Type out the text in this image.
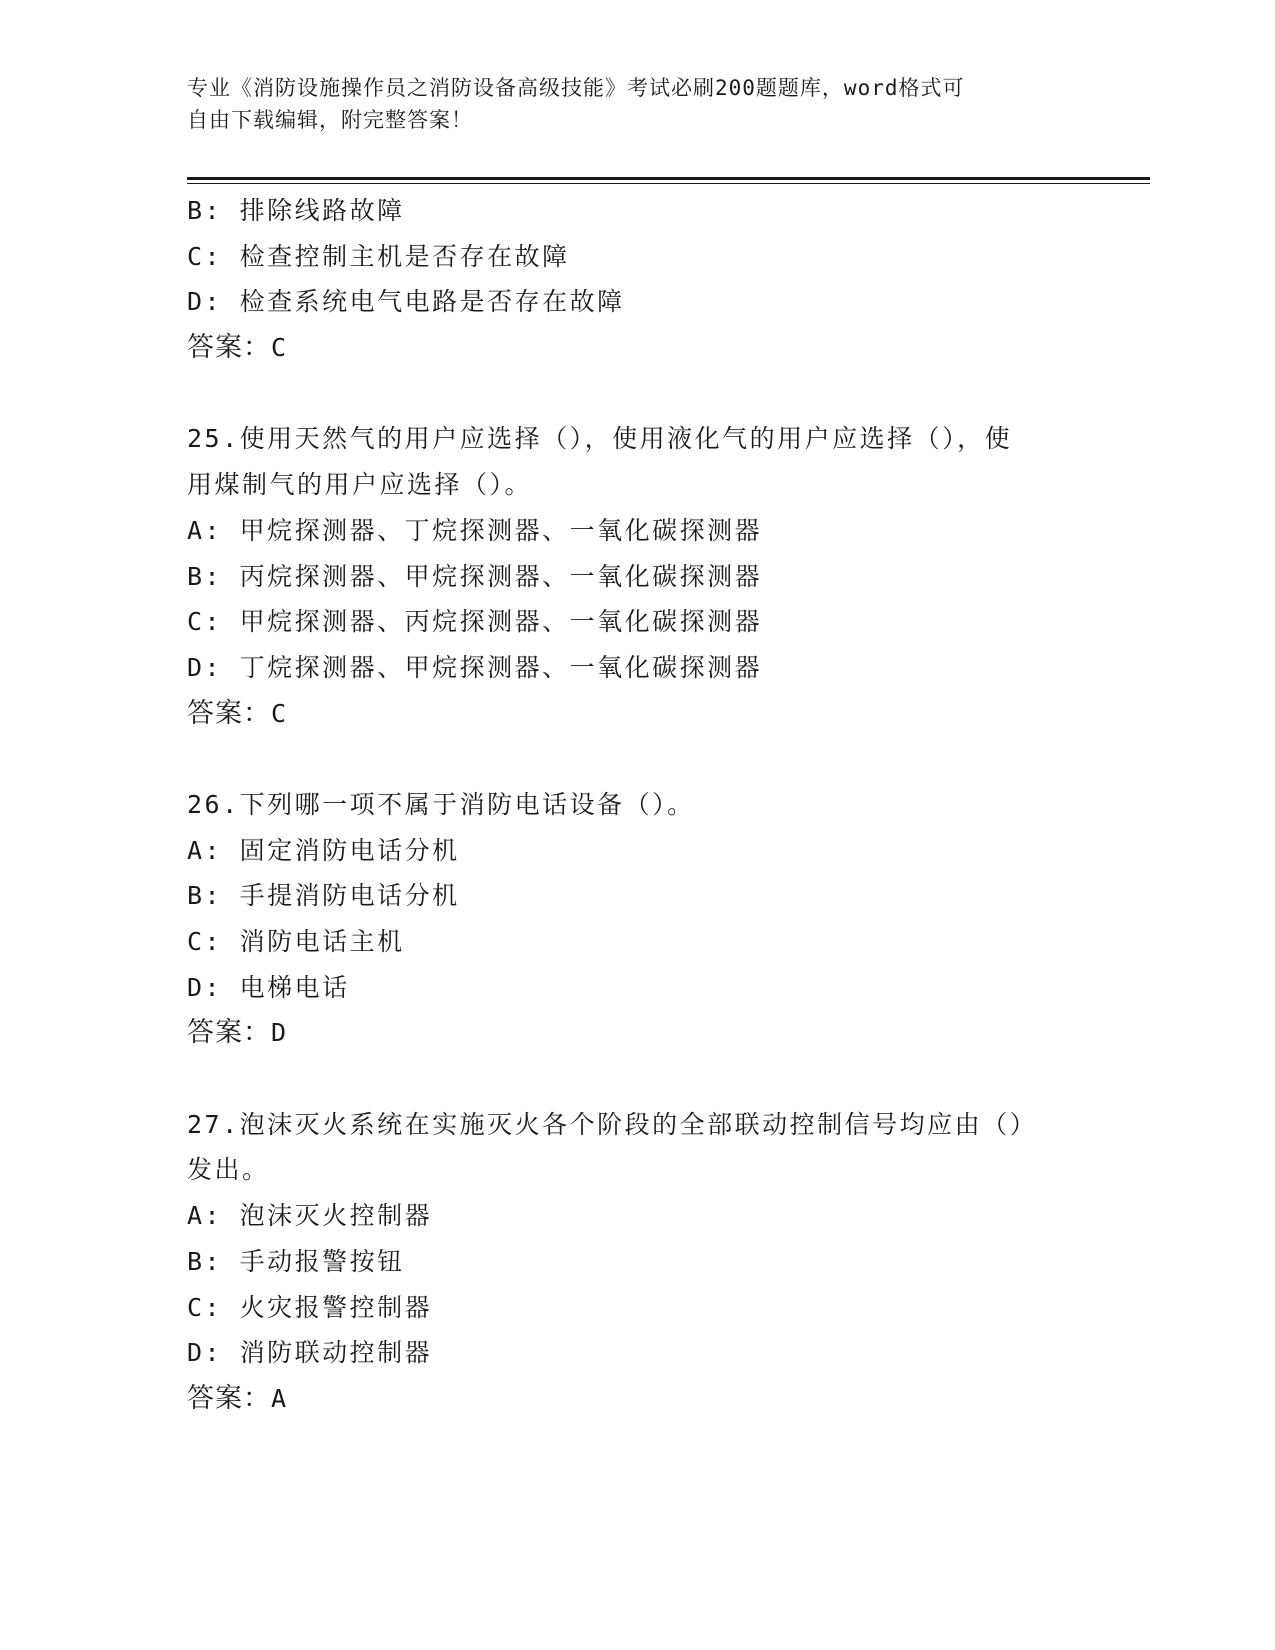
专业《消防设施操作员之消防设备高级技能》考试必刷200题题库，word格式可
自由下载编辑，附完整答案！
B: 排除线路故障
C: 检查控制主机是否存在故障
D: 检查系统电气电路是否存在故障
答案：C
25.使用天然气的用户应选择（），使用液化气的用户应选择（），使
用煤制气的用户应选择（）。
A: 甲烷探测器、丁烷探测器、一氧化碳探测器
B: 丙烷探测器、甲烷探测器、一氧化碳探测器
C: 甲烷探测器、丙烷探测器、一氧化碳探测器
D: 丁烷探测器、甲烷探测器、一氧化碳探测器
答案：C
26.下列哪一项不属于消防电话设备（）。
A: 固定消防电话分机
B: 手提消防电话分机
C: 消防电话主机
D: 电梯电话
答案：D
27.泡沫灭火系统在实施灭火各个阶段的全部联动控制信号均应由（）
发出。
A: 泡沫灭火控制器
B: 手动报警按钮
C: 火灾报警控制器
D: 消防联动控制器
答案：A
